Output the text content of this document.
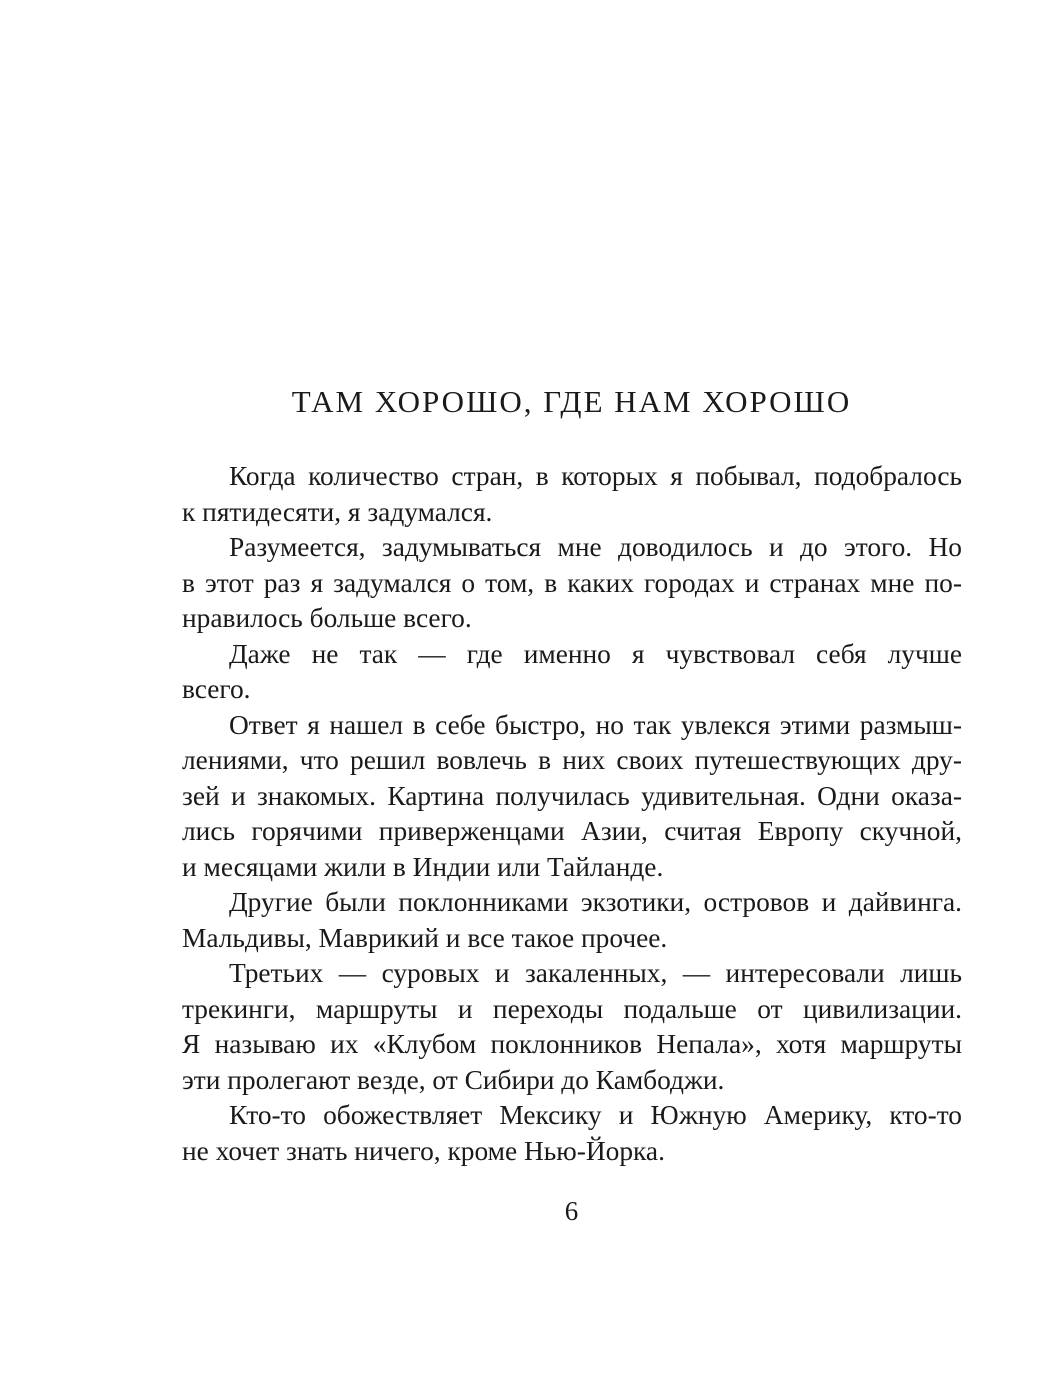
ТАМ ХОРОШО, ГДЕ НАМ ХОРОШО
Когда количество стран, в которых я побывал, подобралось
к пятидесяти, я задумался.
Разумеется, задумываться мне доводилось и до этого. Но
в этот раз я задумался о том, в каких городах и странах мне по-
нравилось больше всего.
Даже не так — где именно я чувствовал себя лучше
всего.
Ответ я нашел в себе быстро, но так увлекся этими размыш-
лениями, что решил вовлечь в них своих путешествующих дру-
зей и знакомых. Картина получилась удивительная. Одни оказа-
лись горячими приверженцами Азии, считая Европу скучной,
и месяцами жили в Индии или Тайланде.
Другие были поклонниками экзотики, островов и дайвинга.
Мальдивы, Маврикий и все такое прочее.
Третьих — суровых и закаленных, — интересовали лишь
трекинги, маршруты и переходы подальше от цивилизации.
Я называю их «Клубом поклонников Непала», хотя маршруты
эти пролегают везде, от Сибири до Камбоджи.
Кто-то обожествляет Мексику и Южную Америку, кто-то
не хочет знать ничего, кроме Нью-Йорка.
6
